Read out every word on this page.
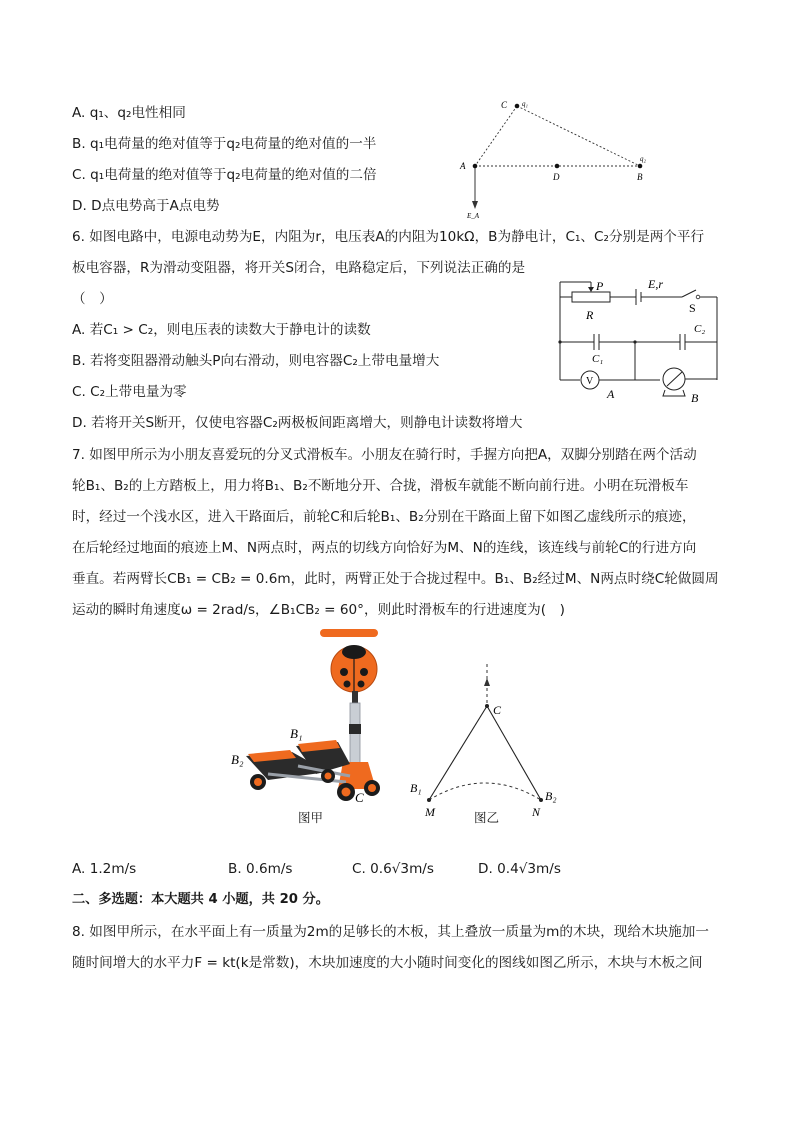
A. q₁、q₂电性相同
B. q₁电荷量的绝对值等于q₂电荷量的绝对值的一半
C. q₁电荷量的绝对值等于q₂电荷量的绝对值的二倍
D. D点电势高于A点电势
C q₁
A
D
q₂
B
E_A
6. 如图电路中，电源电动势为E，内阻为r，电压表A的内阻为10kΩ，B为静电计，C₁、C₂分别是两个平行
板电容器，R为滑动变阻器，将开关S闭合，电路稳定后，下列说法正确的是
（　）
A. 若C₁ > C₂，则电压表的读数大于静电计的读数
B. 若将变阻器滑动触头P向右滑动，则电容器C₂上带电量增大
C. C₂上带电量为零
D. 若将开关S断开，仅使电容器C₂两极板间距离增大，则静电计读数将增大
P	E,r
S
R
C₁
C₂
V
A	B
7. 如图甲所示为小朋友喜爱玩的分叉式滑板车。小朋友在骑行时，手握方向把A，双脚分别踏在两个活动
轮B₁、B₂的上方踏板上，用力将B₁、B₂不断地分开、合拢，滑板车就能不断向前行进。小明在玩滑板车
时，经过一个浅水区，进入干路面后，前轮C和后轮B₁、B₂分别在干路面上留下如图乙虚线所示的痕迹，
在后轮经过地面的痕迹上M、N两点时，两点的切线方向恰好为M、N的连线，该连线与前轮C的行进方向
垂直。若两臂长CB₁ = CB₂ = 0.6m，此时，两臂正处于合拢过程中。B₁、B₂经过M、N两点时绕C轮做圆周
运动的瞬时角速度ω = 2rad/s，∠B₁CB₂ = 60°，则此时滑板车的行进速度为(　)
B₁
B₂
C
图甲
C
B₁
B₂
M	N
图乙
A. 1.2m/s	B. 0.6m/s	C. 0.6√3m/s	D. 0.4√3m/s
二、多选题：本大题共 4 小题，共 20 分。
8. 如图甲所示，在水平面上有一质量为2m的足够长的木板，其上叠放一质量为m的木块，现给木块施加一
随时间增大的水平力F = kt(k是常数)，木块加速度的大小随时间变化的图线如图乙所示，木块与木板之间
